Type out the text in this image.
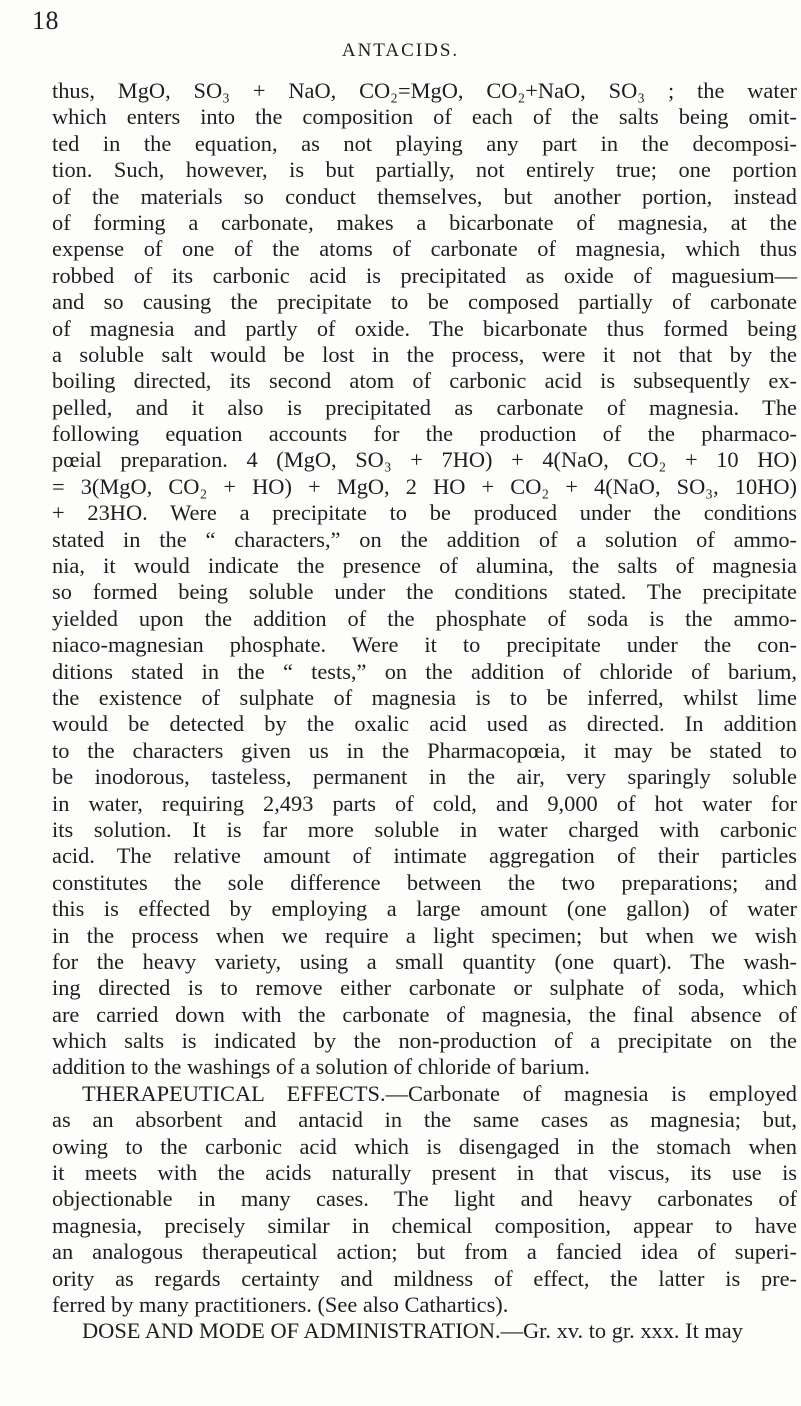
18
ANTACIDS.
thus, MgO, SO₃ + NaO, CO₂=MgO, CO₂+NaO, SO₃ ; the water
which enters into the composition of each of the salts being omit-
ted in the equation, as not playing any part in the decomposi-
tion. Such, however, is but partially, not entirely true; one portion
of the materials so conduct themselves, but another portion, instead
of forming a carbonate, makes a bicarbonate of magnesia, at the
expense of one of the atoms of carbonate of magnesia, which thus
robbed of its carbonic acid is precipitated as oxide of maguesium—
and so causing the precipitate to be composed partially of carbonate
of magnesia and partly of oxide. The bicarbonate thus formed being
a soluble salt would be lost in the process, were it not that by the
boiling directed, its second atom of carbonic acid is subsequently ex-
pelled, and it also is precipitated as carbonate of magnesia. The
following equation accounts for the production of the pharmaco-
pœial preparation. 4 (MgO, SO₃ + 7HO) + 4(NaO, CO₂ + 10 HO)
= 3(MgO, CO₂ + HO) + MgO, 2 HO + CO₂ + 4(NaO, SO₃, 10HO)
+ 23HO. Were a precipitate to be produced under the conditions
stated in the “ characters,” on the addition of a solution of ammo-
nia, it would indicate the presence of alumina, the salts of magnesia
so formed being soluble under the conditions stated. The precipitate
yielded upon the addition of the phosphate of soda is the ammo-
niaco-magnesian phosphate. Were it to precipitate under the con-
ditions stated in the “ tests,” on the addition of chloride of barium,
the existence of sulphate of magnesia is to be inferred, whilst lime
would be detected by the oxalic acid used as directed. In addition
to the characters given us in the Pharmacopœia, it may be stated to
be inodorous, tasteless, permanent in the air, very sparingly soluble
in water, requiring 2,493 parts of cold, and 9,000 of hot water for
its solution. It is far more soluble in water charged with carbonic
acid. The relative amount of intimate aggregation of their particles
constitutes the sole difference between the two preparations; and
this is effected by employing a large amount (one gallon) of water
in the process when we require a light specimen; but when we wish
for the heavy variety, using a small quantity (one quart). The wash-
ing directed is to remove either carbonate or sulphate of soda, which
are carried down with the carbonate of magnesia, the final absence of
which salts is indicated by the non-production of a precipitate on the
addition to the washings of a solution of chloride of barium.
THERAPEUTICAL EFFECTS.—Carbonate of magnesia is employed
as an absorbent and antacid in the same cases as magnesia; but,
owing to the carbonic acid which is disengaged in the stomach when
it meets with the acids naturally present in that viscus, its use is
objectionable in many cases. The light and heavy carbonates of
magnesia, precisely similar in chemical composition, appear to have
an analogous therapeutical action; but from a fancied idea of superi-
ority as regards certainty and mildness of effect, the latter is pre-
ferred by many practitioners. (See also Cathartics).
DOSE AND MODE OF ADMINISTRATION.—Gr. xv. to gr. xxx. It may
